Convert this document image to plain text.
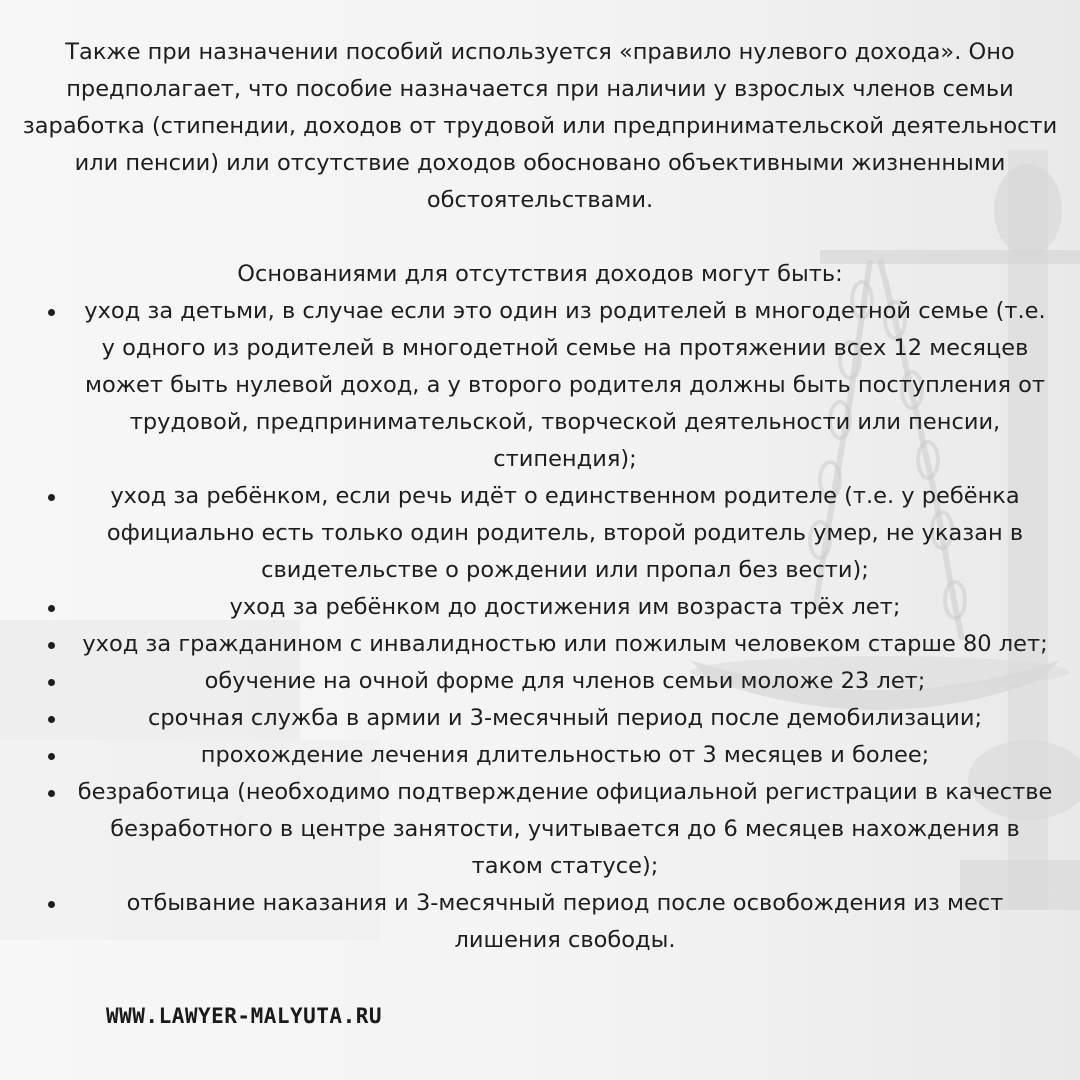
Также при назначении пособий используется «правило нулевого дохода». Оно предполагает, что пособие назначается при наличии у взрослых членов семьи заработка (стипендии, доходов от трудовой или предпринимательской деятельности или пенсии) или отсутствие доходов обосновано объективными жизненными обстоятельствами.
Основаниями для отсутствия доходов могут быть:
уход за детьми, в случае если это один из родителей в многодетной семье (т.е. у одного из родителей в многодетной семье на протяжении всех 12 месяцев может быть нулевой доход, а у второго родителя должны быть поступления от трудовой, предпринимательской, творческой деятельности или пенсии, стипендия);
уход за ребёнком, если речь идёт о единственном родителе (т.е. у ребёнка официально есть только один родитель, второй родитель умер, не указан в свидетельстве о рождении или пропал без вести);
уход за ребёнком до достижения им возраста трёх лет;
уход за гражданином с инвалидностью или пожилым человеком старше 80 лет;
обучение на очной форме для членов семьи моложе 23 лет;
срочная служба в армии и 3-месячный период после демобилизации;
прохождение лечения длительностью от 3 месяцев и более;
безработица (необходимо подтверждение официальной регистрации в качестве безработного в центре занятости, учитывается до 6 месяцев нахождения в таком статусе);
отбывание наказания и 3-месячный период после освобождения из мест лишения свободы.
WWW.LAWYER-MALYUTA.RU
